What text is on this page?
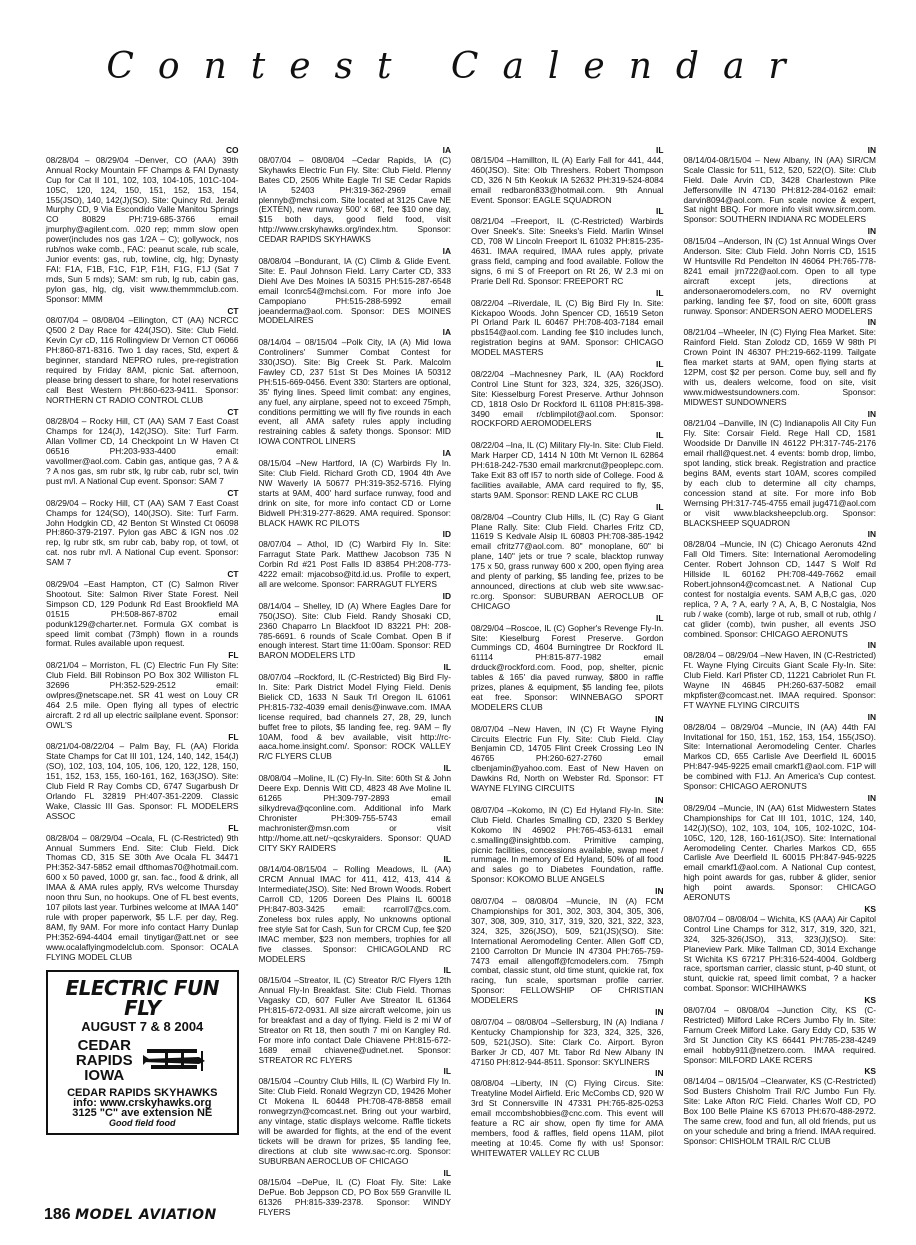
Contest Calendar
CO
08/28/04 – 08/29/04 –Denver, CO (AAA) 39th Annual Rocky Mountain FF Champs & FAI Dynasty Cup for Cat II 101, 102, 103, 104-105, 101C-104-105C, 120, 124, 150, 151, 152, 153, 154, 155(JSO), 140, 142(J)(SO). Site: Quincy Rd. Jerald Murphy CD, 9 Via Escondido Valle Manitou Springs CO 80829 PH:719-685-3766 email jmurphy@agilent.com. .020 rep; mmm slow open power(includes nos gas 1/2A – C); gollywock, nos rub/nos wake comb., FAC: peanut scale, rub scale, Junior events: gas, rub, towline, clg, hlg; Dynasty FAI: F1A, F1B, F1C, F1P, F1H, F1G, F1J (Sat 7 rnds, Sun 5 rnds); SAM: sm rub, lg rub, cabin gas, pylon gas, hlg, clg, visit www.themmmclub.com. Sponsor: MMM
CT
08/07/04 – 08/08/04 –Ellington, CT (AA) NCRCC Q500 2 Day Race for 424(JSO). Site: Club Field. Kevin Cyr cD, 116 Rollingview Dr Vernon CT 06066 PH:860-871-8316. Two 1 day races, Std, expert & beginner, standard NEPRO rules, pre-registration required by Friday 8AM, picnic Sat. afternoon, please bring dessert to share, for hotel reservations call Best Western PH:860-623-9411. Sponsor: NORTHERN CT RADIO CONTROL CLUB
CT
08/28/04 – Rocky Hill, CT (AA) SAM 7 East Coast Champs for 124(J), 142(JSO). Site: Turf Farm. Allan Vollmer CD, 14 Checkpoint Ln W Haven Ct 06516 PH:203-933-4400 email: vavollmer@aol.com. Cabin gas, antique gas, ? A & ? A nos gas, sm rubr stk, lg rubr cab, rubr scl, twin pust m/l. A National Cup event. Sponsor: SAM 7
CT
08/29/04 – Rocky Hill, CT (AA) SAM 7 East Coast Champs for 124(SO), 140(JSO). Site: Turf Farm. John Hodgkin CD, 42 Benton St Winsted Ct 06098 PH:860-379-2197. Pylon gas ABC & IGN nos .02 rep, lg rubr stk, sm rubr cab, baby rop, ot towl, ot cat. nos rubr m/l. A National Cup event. Sponsor: SAM 7
CT
08/29/04 –East Hampton, CT (C) Salmon River Shootout. Site: Salmon River State Forest. Neil Simpson CD, 129 Podunk Rd East Brookfield MA 01515 PH:508-867-8702 email podunk129@charter.net. Formula GX combat is speed limit combat (73mph) flown in a rounds format. Rules available upon request.
FL
08/21/04 – Morriston, FL (C) Electric Fun Fly Site: Club Field. Bill Robinson PO Box 302 Williston FL 32696 PH:352-529-2512 email: owlpres@netscape.net. SR 41 west on Louy CR 464 2.5 mile. Open flying all types of electric aircraft. 2 rd all up electric sailplane event. Sponsor: OWL'S
FL
08/21/04-08/22/04 – Palm Bay, FL (AA) Florida State Champs for Cat III 101, 124, 140, 142, 154(J)(SO), 102, 103, 104, 105, 106, 120, 122, 128, 150, 151, 152, 153, 155, 160-161, 162, 163(JSO). Site: Club Field R Ray Combs CD, 6747 Sugarbush Dr Orlando FL 32819 PH:407-351-2209. Classic Wake, Classic III Gas. Sponsor: FL MODELERS ASSOC
FL
08/28/04 – 08/29/04 –Ocala, FL (C-Restricted) 9th Annual Summers End. Site: Club Field. Dick Thomas CD, 315 SE 30th Ave Ocala FL 34471 PH:352-347-5852 email dfthomas70@hotmail.com. 600 x 50 paved, 1000 gr, san. fac., food & drink, all IMAA & AMA rules apply, RVs welcome Thursday noon thru Sun, no hookups. One of FL best events, 107 pilots last year. Turbines welcome at IMAA 140" rule with proper paperwork, $5 L.F. per day, Reg. 8AM, fly 9AM. For more info contact Harry Dunlap PH:352-694-4404 email tinytigar@att.net or see www.ocalaflyingmodelclub.com. Sponsor: OCALA FLYING MODEL CLUB
ELECTRIC FUN FLY
AUGUST 7 & 8 2004
CEDAR
RAPIDS
IOWA
CEDAR RAPIDS SKYHAWKS
info: www.crskyhawks.org
3125 "C" ave extension NE
Good field food
IA
08/07/04 – 08/08/04 –Cedar Rapids, IA (C) Skyhawks Electric Fun Fly. Site: Club Field. Plenny Bates CD, 2505 White Eagle Trl SE Cedar Rapids IA 52403 PH:319-362-2969 email plennyb@mchsi.com. Site located at 3125 Cave NE (EXTEN), new runway 500' x 68', fee $10 one day, $15 both days, good field food, visit http://www.crskyhawks.org/index.htm. Sponsor: CEDAR RAPIDS SKYHAWKS
IA
08/08/04 –Bondurant, IA (C) Climb & Glide Event. Site: E. Paul Johnson Field. Larry Carter CD, 333 Diehl Ave Des Moines IA 50315 PH:515-287-6548 email lconrc54@mchsi.com. For more info Joe Campopiano PH:515-288-5992 email joeanderma@aol.com. Sponsor: DES MOINES MODELAIRES
IA
08/14/04 – 08/15/04 –Polk City, IA (A) Mid Iowa Controliners' Summer Combat Contest for 330(JSO). Site: Big Creek St. Park. Malcolm Fawley CD, 237 51st St Des Moines IA 50312 PH:515-669-0456. Event 330: Starters are optional, 35' flying lines. Speed limit combat: any engines, any fuel, any airplane, speed not to exceed 75mph, conditions permitting we will fly five rounds in each event, all AMA safety rules apply including restraining cables & safety thongs. Sponsor: MID IOWA CONTROL LINERS
IA
08/15/04 –New Hartford, IA (C) Warbirds Fly In. Site: Club Field. Richard Groth CD, 1904 4th Ave NW Waverly IA 50677 PH:319-352-5716. Flying starts at 9AM, 400' hard surface runway, food and drink on site, for more info contact CD or Lorne Bidwell PH:319-277-8629. AMA required. Sponsor: BLACK HAWK RC PILOTS
ID
08/07/04 – Athol, ID (C) Warbird Fly In. Site: Farragut State Park. Matthew Jacobson 735 N Corbin Rd #21 Post Falls ID 83854 PH:208-773-4222 email: mjacobso@itd.id.us. Profile to expert, all are welcome. Sponsor: FARRAGUT FLYERS
ID
08/14/04 – Shelley, ID (A) Where Eagles Dare for 750(JSO). Site: Club Field. Randy Shosaki CD, 2360 Chaparro Ln Blackfoot ID 83221 PH: 208-785-6691. 6 rounds of Scale Combat. Open B if enough interest. Start time 11:00am. Sponsor: RED BARON MODELERS LTD
IL
08/07/04 –Rockford, IL (C-Restricted) Big Bird Fly-In. Site: Park District Model Flying Field. Denis Bielick CD, 1633 N Sauk Trl Oregon IL 61061 PH:815-732-4039 email denis@inwave.com. IMAA license required, bad channels 27, 28, 29, lunch buffet free to pilots, $5 landing fee, reg. 9AM – fly 10AM, food & bev available, visit http://rc-aaca.home.insight.com/. Sponsor: ROCK VALLEY R/C FLYERS CLUB
IL
08/08/04 –Moline, IL (C) Fly-In. Site: 60th St & John Deere Exp. Dennis Witt CD, 4823 48 Ave Moline IL 61265 PH:309-797-2893 email silkydreva@qconline.com. Additional info Mark Chronister PH:309-755-5743 email machronister@msn.com or visit http://home.att.net/~qcskyraiders. Sponsor: QUAD CITY SKY RAIDERS
IL
08/14/04-08/15/04 – Rolling Meadows, IL (AA) CRCM Annual IMAC for 411, 412, 413, 414 & Intermediate(JSO). Site: Ned Brown Woods. Robert Carroll CD, 1205 Doreen Des Plains IL 60018 PH:847-803-3425 email: rcarroll7@cs.com. Zoneless box rules apply, No unknowns optional free style Sat for Cash, Sun for CRCM Cup, fee $20 IMAC member, $23 non members, trophies for all five classes. Sponsor: CHICAGOLAND RC MODELERS
IL
08/15/04 –Streator, IL (C) Streator R/C Flyers 12th Annual Fly-In Breakfast. Site: Club Field. Thomas Vagasky CD, 607 Fuller Ave Streator IL 61364 PH:815-672-0931. All size aircraft welcome, join us for breakfast and a day of flying. Field is 2 mi W of Streator on Rt 18, then south 7 mi on Kangley Rd. For more info contact Dale Chiavene PH:815-672-1689 email chiavene@udnet.net. Sponsor: STREATOR RC FLYERS
IL
08/15/04 –Country Club Hills, IL (C) Warbird Fly In. Site: Club Field. Ronald Wegrzyn CD, 19426 Moher Ct Mokena IL 60448 PH:708-478-8858 email ronwegrzyn@comcast.net. Bring out your warbird, any vintage, static displays welcome. Raffle tickets will be awarded for flights, at the end of the event tickets will be drawn for prizes, $5 landing fee, directions at club site www.sac-rc.org. Sponsor: SUBURBAN AEROCLUB OF CHICAGO
IL
08/15/04 –DePue, IL (C) Float Fly. Site: Lake DePue. Bob Jeppson CD, PO Box 559 Granville IL 61326 PH:815-339-2378. Sponsor: WINDY FLYERS
IL
08/15/04 –Hamillton, IL (A) Early Fall for 441, 444, 460(JSO). Site: Olb Threshers. Robert Thompson CD, 326 N 5th Keokuk IA 52632 PH:319-524-8084 email redbaron833@hotmail.com. 9th Annual Event. Sponsor: EAGLE SQUADRON
IL
08/21/04 –Freeport, IL (C-Restricted) Warbirds Over Sneek's. Site: Sneeks's Field. Marlin Winsel CD, 708 W Lincoln Freeport IL 61032 PH:815-235-4631. IMAA required, IMAA rules apply, private grass field, camping and food available. Follow the signs, 6 mi S of Freeport on Rt 26, W 2.3 mi on Prarie Dell Rd. Sponsor: FREEPORT RC
IL
08/22/04 –Riverdale, IL (C) Big Bird Fly In. Site: Kickapoo Woods. John Spencer CD, 16519 Seton Pl Orland Park IL 60467 PH:708-403-7184 email pbs154@aol.com. Landing fee $10 includes lunch, registration begins at 9AM. Sponsor: CHICAGO MODEL MASTERS
IL
08/22/04 –Machnesney Park, IL (AA) Rockford Control Line Stunt for 323, 324, 325, 326(JSO). Site: Kiesselburg Forest Preserve. Arthur Johnson CD, 1818 Oslo Dr Rockford IL 61108 PH:815-398-3490 email r/cblimpilot@aol.com. Sponsor: ROCKFORD AEROMODELERS
IL
08/22/04 –Ina, IL (C) Military Fly-In. Site: Club Field. Mark Harper CD, 1414 N 10th Mt Vernon IL 62864 PH:618-242-7530 email markrcnut@peoplepc.com. Take Exit 83 off I57 to north side of College. Food & facilities available, AMA card required to fly, $5, starts 9AM. Sponsor: REND LAKE RC CLUB
IL
08/28/04 –Country Club Hills, IL (C) Ray G Giant Plane Rally. Site: Club Field. Charles Fritz CD, 11619 S Kedvale Alsip IL 60803 PH:708-385-1942 email cfritz77@aol.com. 80" monoplane, 60" bi plane, 140" jets or true ? scale, blacktop runway 175 x 50, grass runway 600 x 200, open flying area and plenty of parking, $5 landing fee, prizes to be announced, directions at club web site www.sac-rc.org. Sponsor: SUBURBAN AEROCLUB OF CHICAGO
IL
08/29/04 –Roscoe, IL (C) Gopher's Revenge Fly-In. Site: Kieselburg Forest Preserve. Gordon Cummings CD, 4604 Burningtree Dr Rockford IL 61114 PH:815-877-1982 email drduck@rockford.com. Food, pop, shelter, picnic tables & 165' dia paved runway, $800 in raffle prizes, planes & equipment, $5 landing fee, pilots eat free. Sponsor: WINNEBAGO SPORT MODELERS CLUB
IN
08/07/04 –New Haven, IN (C) Ft Wayne Flying Circuits Electric Fun Fly. Site: Club Field. Clay Benjamin CD, 14705 Flint Creek Crossing Leo IN 46765 PH:260-627-2760 email clbenjamin@yahoo.com. East of New Haven on Dawkins Rd, North on Webster Rd. Sponsor: FT WAYNE FLYING CIRCUITS
IN
08/07/04 –Kokomo, IN (C) Ed Hyland Fly-In. Site: Club Field. Charles Smalling CD, 2320 S Berkley Kokomo IN 46902 PH:765-453-6131 email c.smalling@insightbb.com. Primitive camping, picnic facilities, concessions available, swap meet / rummage. In memory of Ed Hyland, 50% of all food and sales go to Diabetes Foundation, raffle. Sponsor: KOKOMO BLUE ANGELS
IN
08/07/04 – 08/08/04 –Muncie, IN (A) FCM Championships for 301, 302, 303, 304, 305, 306, 307, 308, 309, 310, 317, 319, 320, 321, 322, 323, 324, 325, 326(JSO), 509, 521(JS)(SO). Site: International Aeromodeling Center. Allen Goff CD, 2100 Carrolton Dr Muncie IN 47304 PH:765-759-7473 email allengoff@fcmodelers.com. 75mph combat, classic stunt, old time stunt, quickie rat, fox racing, fun scale, sportsman profile carrier. Sponsor: FELLOWSHIP OF CHRISTIAN MODELERS
IN
08/07/04 – 08/08/04 –Sellersburg, IN (A) Indiana / Kentucky Championship for 323, 324, 325, 326, 509, 521(JSO). Site: Clark Co. Airport. Byron Barker Jr CD, 407 Mt. Tabor Rd New Albany IN 47150 PH:812-944-8511. Sponsor: SKYLINERS
IN
08/08/04 –Liberty, IN (C) Flying Circus. Site: Treatyline Model Airfield. Eric McCombs CD, 920 W 3rd St Connersville IN 47331 PH:765-825-0253 email mccombshobbies@cnc.com. This event will feature a RC air show, open fly time for AMA members, food & raffles, field opens 11AM, pilot meeting at 10:45. Come fly with us! Sponsor: WHITEWATER VALLEY RC CLUB
IN
08/14/04-08/15/04 – New Albany, IN (AA) SIR/CM Scale Classic for 511, 512, 520, 522(O). Site: Club Field. Dale Arvin CD, 3428 Charlestown Pike Jeffersonville IN 47130 PH:812-284-0162 email: darvin8094@aol.com. Fun scale novice & expert, Sat night BBQ. For more info visit www.sircm.com. Sponsor: SOUTHERN INDIANA RC MODELERS
IN
08/15/04 –Anderson, IN (C) 1st Annual Wings Over Anderson. Site: Club Field. John Norris CD, 1515 W Huntsville Rd Pendelton IN 46064 PH:765-778-8241 email jrn722@aol.com. Open to all type aircraft except jets, directions at andersonaeromodelers.com, no RV overnight parking, landing fee $7, food on site, 600ft grass runway. Sponsor: ANDERSON AERO MODELERS
IN
08/21/04 –Wheeler, IN (C) Flying Flea Market. Site: Rainford Field. Stan Zolodz CD, 1659 W 98th Pl Crown Point IN 46307 PH:219-662-1199. Tailgate flea market starts at 9AM, open flying starts at 12PM, cost $2 per person. Come buy, sell and fly with us, dealers welcome, food on site, visit www.midwestsundowners.com. Sponsor: MIDWEST SUNDOWNERS
IN
08/21/04 –Danville, IN (C) Indianapolis All City Fun Fly. Site: Corsair Field. Rege Hall CD, 1581 Woodside Dr Danville IN 46122 PH:317-745-2176 email rhall@quest.net. 4 events: bomb drop, limbo, spot landing, stick break. Registration and practice begins 8AM, events start 10AM, scores compiled by each club to determine all city champs, concession stand at site. For more info Bob Wernsing PH:317-745-4755 email jug471@aol.com or visit www.blacksheepclub.org. Sponsor: BLACKSHEEP SQUADRON
IN
08/28/04 –Muncie, IN (C) Chicago Aeronuts 42nd Fall Old Timers. Site: International Aeromodeling Center. Robert Johnson CD, 1447 S Wolf Rd Hillside IL 60162 PH:708-449-7662 email Robert.johnson4@comcast.net. A National Cup contest for nostalgia events. SAM A,B,C gas, .020 replica, ? A, ? A, early ? A, A, B, C Nostalgia, Nos rub / wake (comb), large ot rub, small ot rub, othlg / cat glider (comb), twin pusher, all events JSO combined. Sponsor: CHICAGO AERONUTS
IN
08/28/04 – 08/29/04 –New Haven, IN (C-Restricted) Ft. Wayne Flying Circuits Giant Scale Fly-In. Site: Club Field. Karl Pfister CD, 11221 Cabriolet Run Ft. Wayne IN 46845 PH:260-637-5082 email mkpfister@comcast.net. IMAA required. Sponsor: FT WAYNE FLYING CIRCUITS
IN
08/28/04 – 08/29/04 –Muncie, IN (AA) 44th FAI Invitational for 150, 151, 152, 153, 154, 155(JSO). Site: International Aeromodeling Center. Charles Markos CD, 655 Carlisle Ave Deerfield IL 60015 PH:847-945-9225 email cmarkf1@aol.com. F1P will be combined with F1J. An America's Cup contest. Sponsor: CHICAGO AERONUTS
IN
08/29/04 –Muncie, IN (AA) 61st Midwestern States Championships for Cat III 101, 101C, 124, 140, 142(J)(SO), 102, 103, 104, 105, 102-102C, 104-105C, 120, 128, 160-161(JSO). Site: International Aeromodeling Center. Charles Markos CD, 655 Carlisle Ave Deerfield IL 60015 PH:847-945-9225 email cmarkf1@aol.com. A National Cup contest, high point awards for gas, rubber & glider, senior high point awards. Sponsor: CHICAGO AERONUTS
KS
08/07/04 – 08/08/04 – Wichita, KS (AAA) Air Capitol Control Line Champs for 312, 317, 319, 320, 321, 324, 325-326(JSO), 313, 323(J)(SO). Site: Planeview Park. Mike Tallman CD, 3014 Exchange St Wichita KS 67217 PH:316-524-4004. Goldberg race, sportsman carrier, classic stunt, p-40 stunt, ot stunt, quickie rat, speed limit combat, ? a hacker combat. Sponsor: WICHIHAWKS
KS
08/07/04 – 08/08/04 –Junction City, KS (C-Restricted) Milford Lake RCers Jumbo Fly In. Site: Farnum Creek Milford Lake. Gary Eddy CD, 535 W 3rd St Junction City KS 66441 PH:785-238-4249 email hobby911@netzero.com. IMAA required. Sponsor: MILFORD LAKE RCERS
KS
08/14/04 – 08/15/04 –Clearwater, KS (C-Restricted) Sod Busters Chisholm Trail R/C Jumbo Fun Fly. Site: Lake Afton R/C Field. Charles Wolf CD, PO Box 100 Belle Plaine KS 67013 PH:670-488-2972. The same crew, food and fun, all old friends, put us on your schedule and bring a friend. IMAA required. Sponsor: CHISHOLM TRAIL R/C CLUB
186 MODEL AVIATION
